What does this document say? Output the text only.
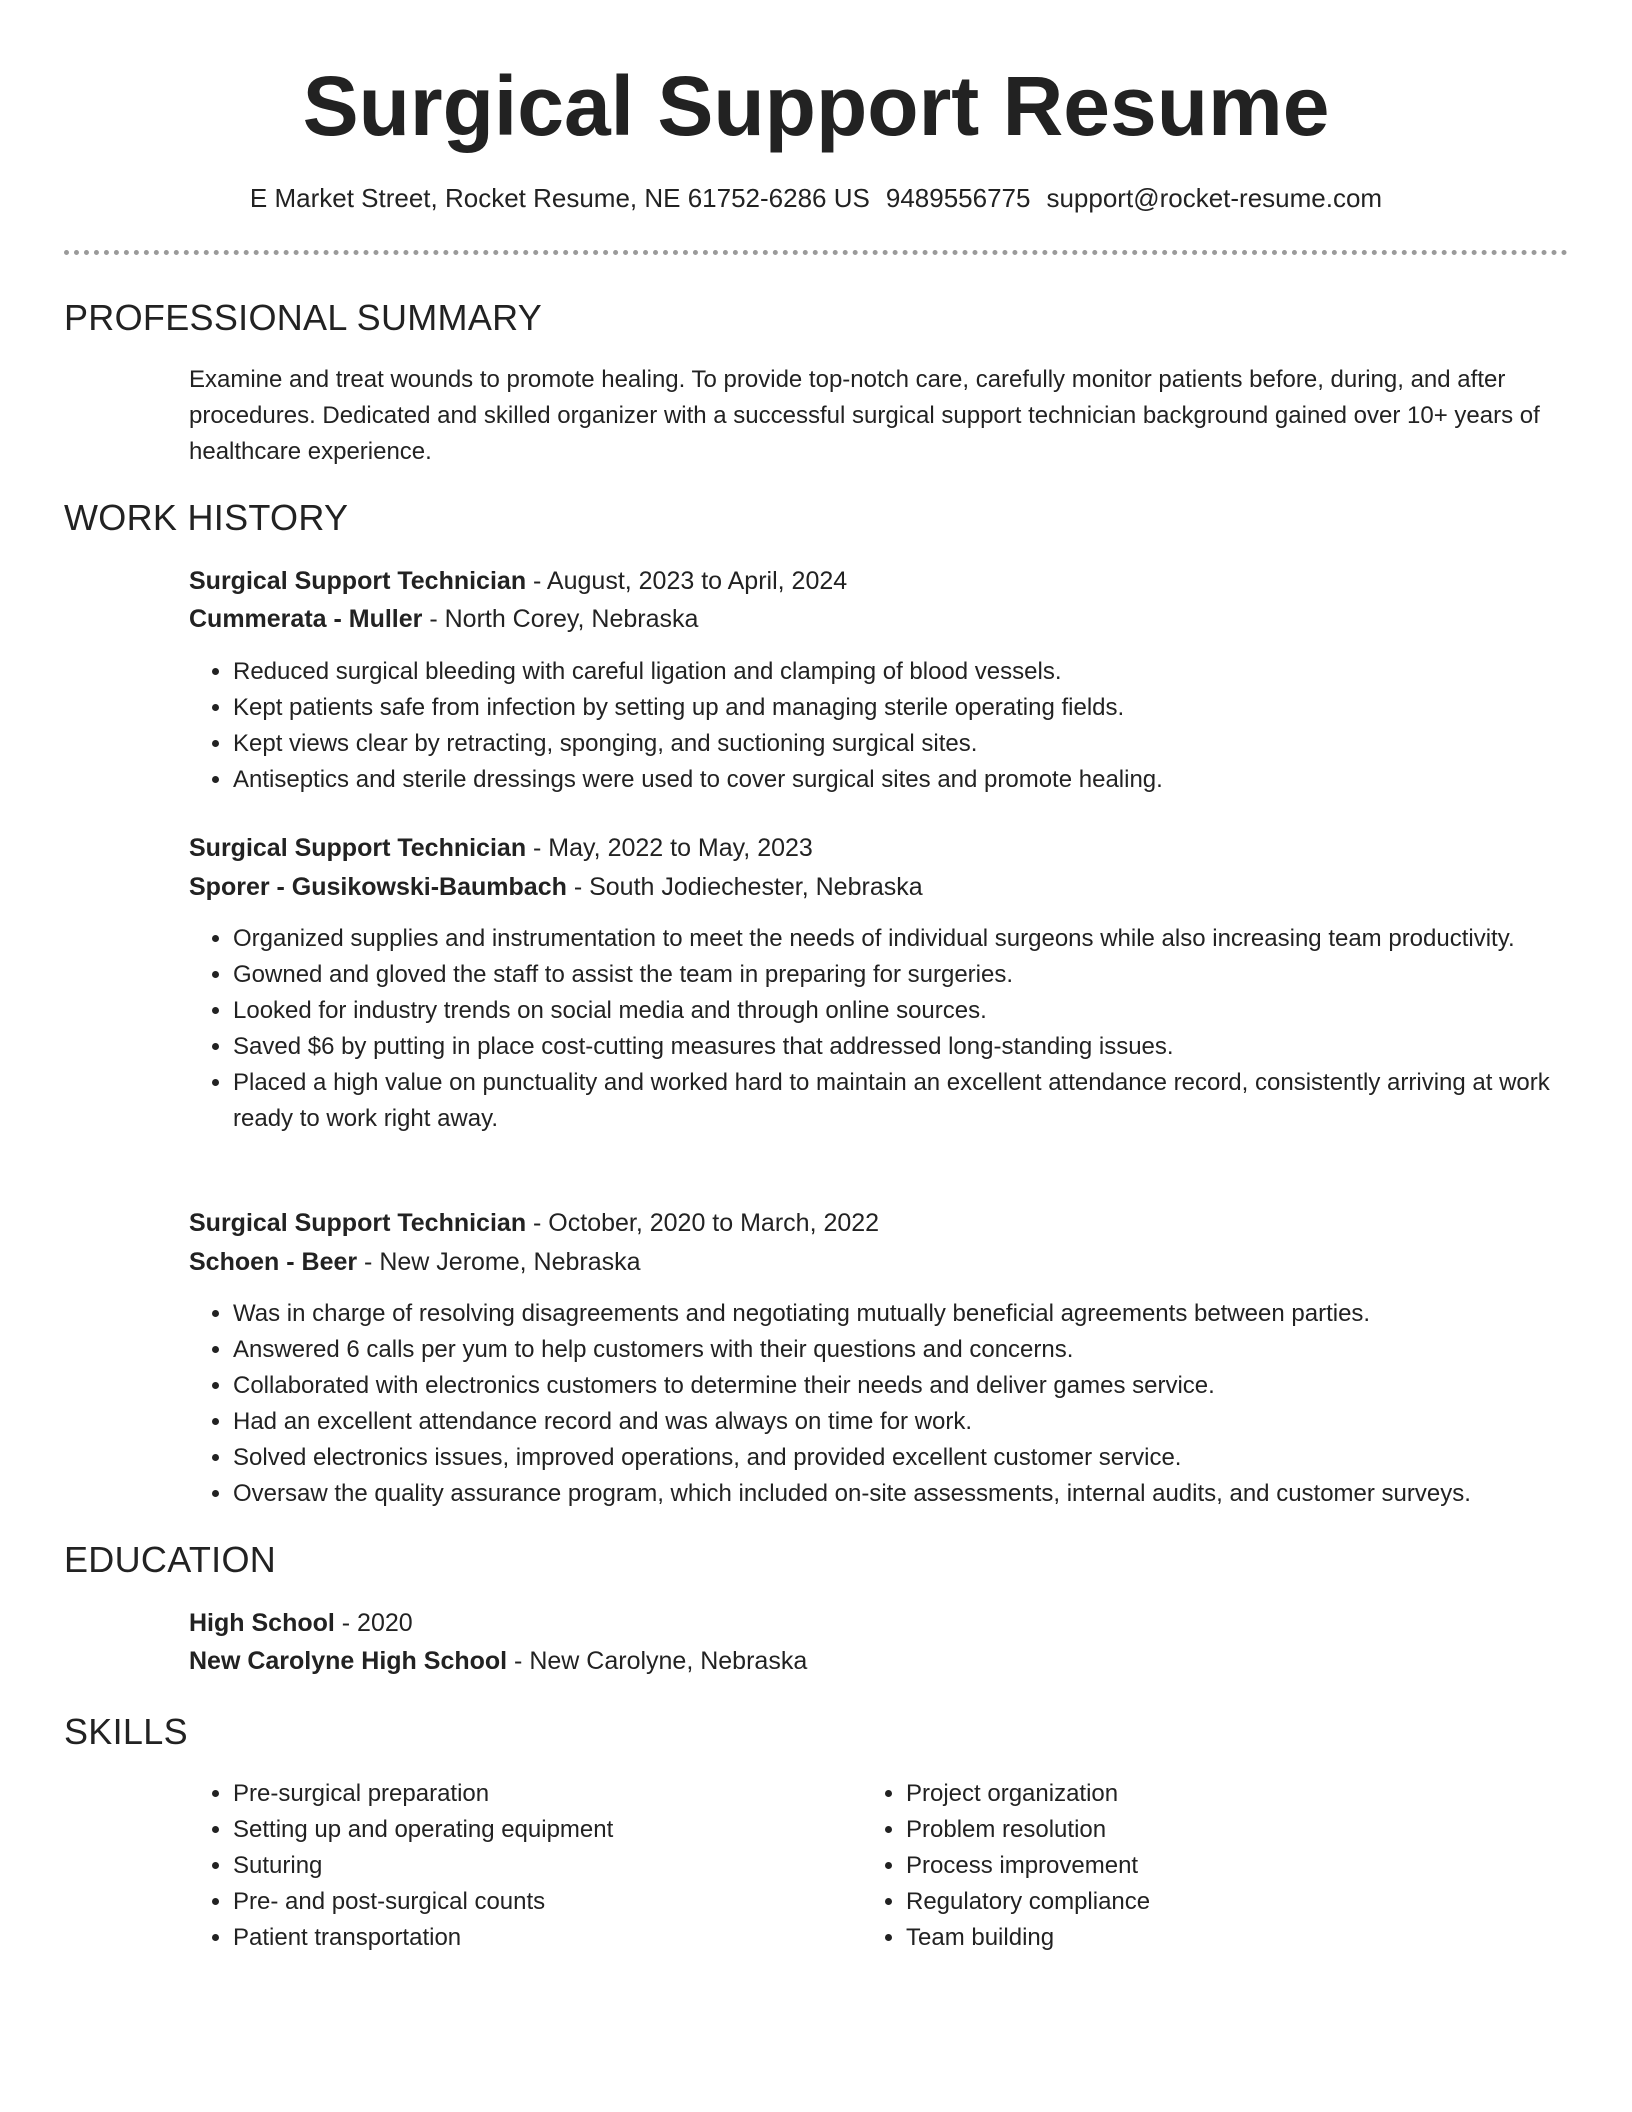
Surgical Support Resume
E Market Street, Rocket Resume, NE 61752-6286 US 9489556775 support@rocket-resume.com
PROFESSIONAL SUMMARY
Examine and treat wounds to promote healing. To provide top-notch care, carefully monitor patients before, during, and after procedures. Dedicated and skilled organizer with a successful surgical support technician background gained over 10+ years of healthcare experience.
WORK HISTORY
Surgical Support Technician - August, 2023 to April, 2024
Cummerata - Muller - North Corey, Nebraska
• Reduced surgical bleeding with careful ligation and clamping of blood vessels.
• Kept patients safe from infection by setting up and managing sterile operating fields.
• Kept views clear by retracting, sponging, and suctioning surgical sites.
• Antiseptics and sterile dressings were used to cover surgical sites and promote healing.
Surgical Support Technician - May, 2022 to May, 2023
Sporer - Gusikowski-Baumbach - South Jodiechester, Nebraska
• Organized supplies and instrumentation to meet the needs of individual surgeons while also increasing team productivity.
• Gowned and gloved the staff to assist the team in preparing for surgeries.
• Looked for industry trends on social media and through online sources.
• Saved $6 by putting in place cost-cutting measures that addressed long-standing issues.
• Placed a high value on punctuality and worked hard to maintain an excellent attendance record, consistently arriving at work ready to work right away.
Surgical Support Technician - October, 2020 to March, 2022
Schoen - Beer - New Jerome, Nebraska
• Was in charge of resolving disagreements and negotiating mutually beneficial agreements between parties.
• Answered 6 calls per yum to help customers with their questions and concerns.
• Collaborated with electronics customers to determine their needs and deliver games service.
• Had an excellent attendance record and was always on time for work.
• Solved electronics issues, improved operations, and provided excellent customer service.
• Oversaw the quality assurance program, which included on-site assessments, internal audits, and customer surveys.
EDUCATION
High School - 2020
New Carolyne High School - New Carolyne, Nebraska
SKILLS
• Pre-surgical preparation
• Setting up and operating equipment
• Suturing
• Pre- and post-surgical counts
• Patient transportation
• Project organization
• Problem resolution
• Process improvement
• Regulatory compliance
• Team building
